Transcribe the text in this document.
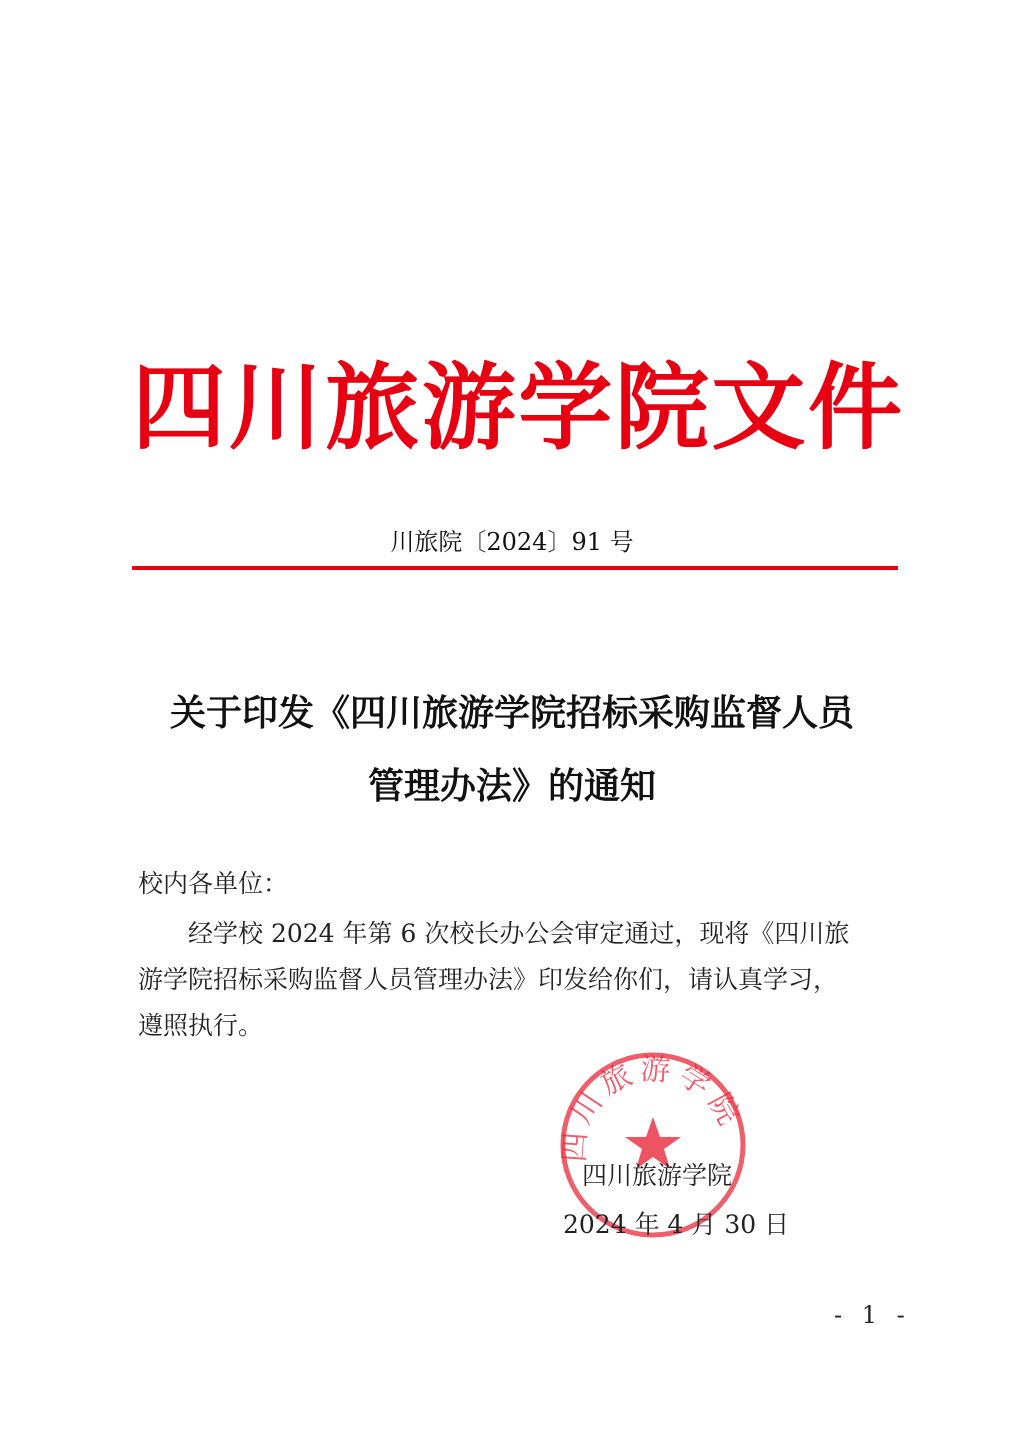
四 川 旅 游 学 院 文 件
川旅院〔2024〕91 号
关于印发《四川旅游学院招标采购监督人员
管理办法》的通知
校内各单位：
　　经学校 2024 年第 6 次校长办公会审定通过，现将《四川旅
游学院招标采购监督人员管理办法》印发给你们，请认真学习，
遵照执行。
四川旅游学院
四川旅游学院
2024 年 4 月 30 日
- 1 -
